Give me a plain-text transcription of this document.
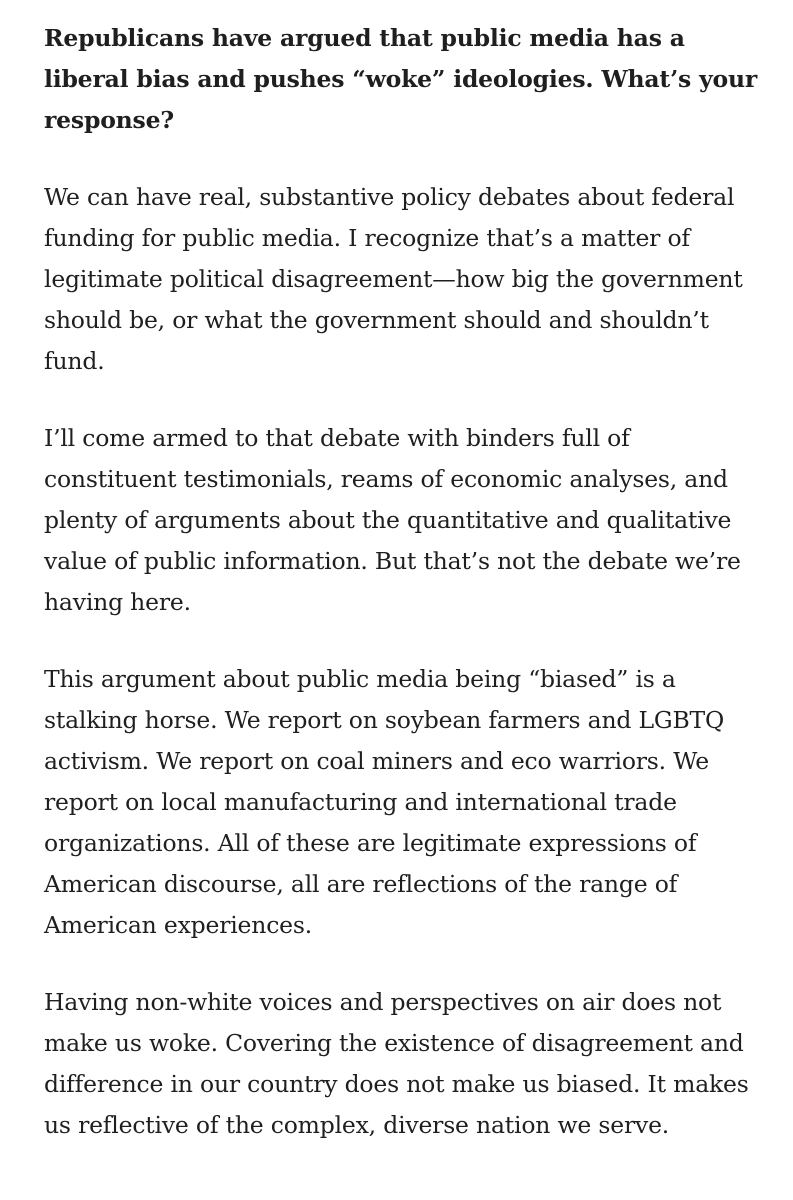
Republicans have argued that public media has a liberal bias and pushes “woke” ideologies. What’s your response?

We can have real, substantive policy debates about federal funding for public media. I recognize that’s a matter of legitimate political disagreement—how big the government should be, or what the government should and shouldn’t fund.

I’ll come armed to that debate with binders full of constituent testimonials, reams of economic analyses, and plenty of arguments about the quantitative and qualitative value of public information. But that’s not the debate we’re having here.

This argument about public media being “biased” is a stalking horse. We report on soybean farmers and LGBTQ activism. We report on coal miners and eco warriors. We report on local manufacturing and international trade organizations. All of these are legitimate expressions of American discourse, all are reflections of the range of American experiences.

Having non-white voices and perspectives on air does not make us woke. Covering the existence of disagreement and difference in our country does not make us biased. It makes us reflective of the complex, diverse nation we serve.
